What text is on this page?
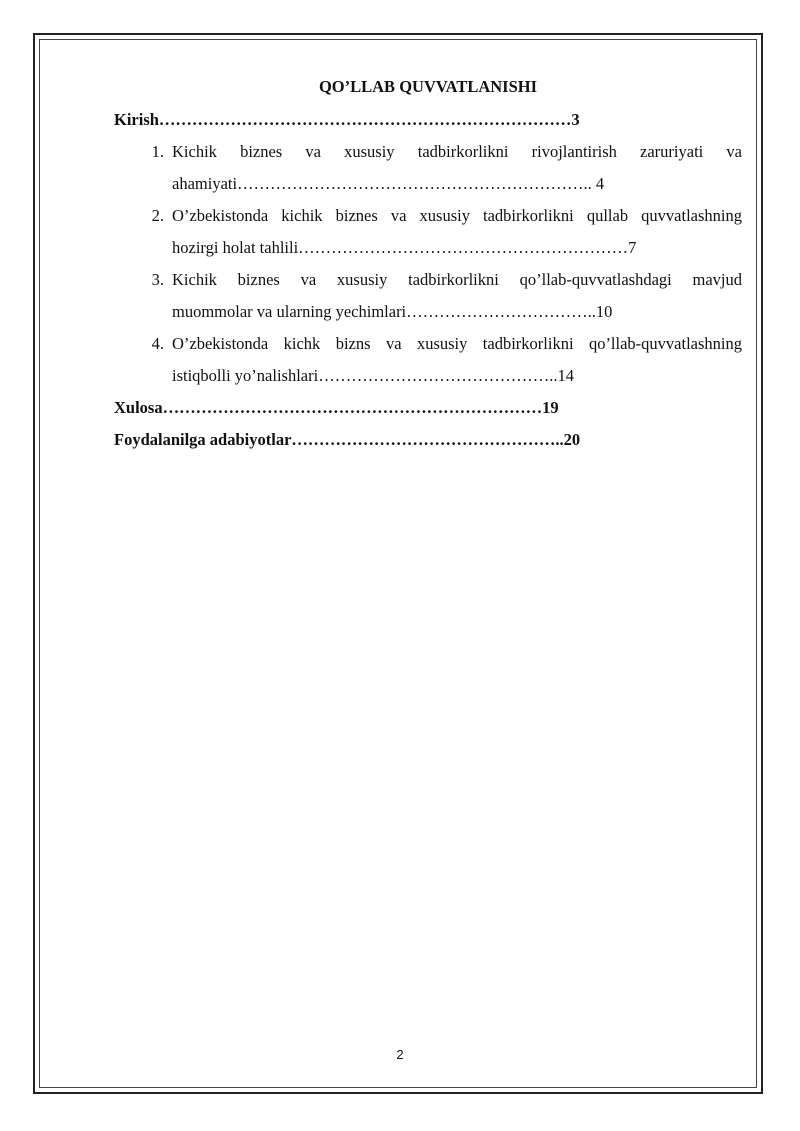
QO’LLAB QUVVATLANISHI
Kirish…………………………………………………………………3
1. Kichik biznes va xususiy tadbirkorlikni rivojlantirish zaruriyati va
ahamiyati……………………………………………………….. 4
2. O’zbekistonda kichik biznes va xususiy tadbirkorlikni qullab quvvatlashning
hozirgi holat tahlili……………………………………………………7
3. Kichik biznes va xususiy tadbirkorlikni qo’llab-quvvatlashdagi mavjud
muommolar va ularning yechimlari……………………………..10
4. O’zbekistonda kichk bizns va xususiy tadbirkorlikni qo’llab-quvvatlashning
istiqbolli yo’nalishlari……………………………………..14
Xulosa……………………………………………………………19
Foydalanilga adabiyotlar…………………………………………..20
2
